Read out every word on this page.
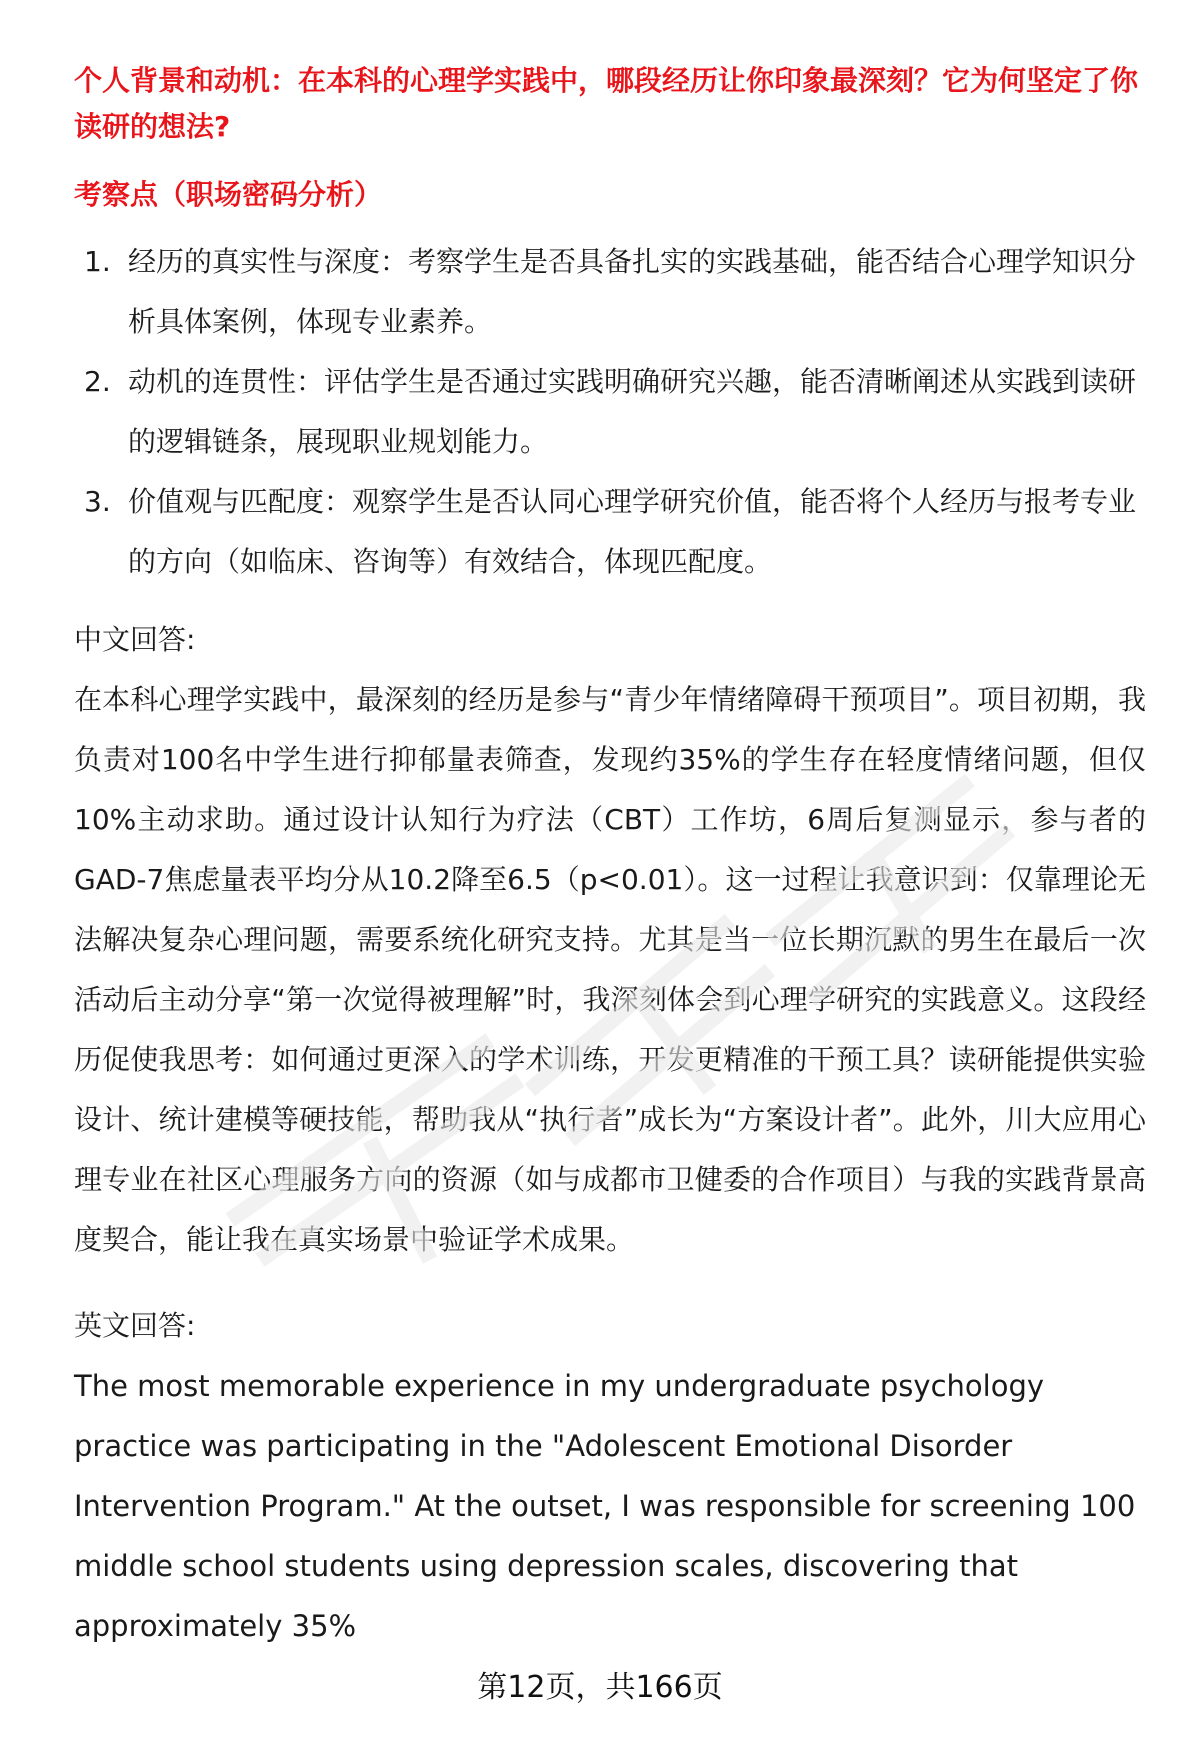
个人背景和动机：在本科的心理学实践中，哪段经历让你印象最深刻？它为何坚定了你读研的想法?

考察点（职场密码分析）
1. 经历的真实性与深度：考察学生是否具备扎实的实践基础，能否结合心理学知识分析具体案例，体现专业素养。
2. 动机的连贯性：评估学生是否通过实践明确研究兴趣，能否清晰阐述从实践到读研的逻辑链条，展现职业规划能力。
3. 价值观与匹配度：观察学生是否认同心理学研究价值，能否将个人经历与报考专业的方向（如临床、咨询等）有效结合，体现匹配度。
中文回答:

在本科心理学实践中，最深刻的经历是参与“青少年情绪障碍干预项目”。项目初期，我负责对100名中学生进行抑郁量表筛查，发现约35%的学生存在轻度情绪问题，但仅10%主动求助。通过设计认知行为疗法（CBT）工作坊，6周后复测显示，参与者的GAD-7焦虑量表平均分从10.2降至6.5（p<0.01）。这一过程让我意识到：仅靠理论无法解决复杂心理问题，需要系统化研究支持。尤其是当一位长期沉默的男生在最后一次活动后主动分享“第一次觉得被理解”时，我深刻体会到心理学研究的实践意义。这段经历促使我思考：如何通过更深入的学术训练，开发更精准的干预工具？读研能提供实验设计、统计建模等硬技能，帮助我从“执行者”成长为“方案设计者”。此外，川大应用心理专业在社区心理服务方向的资源（如与成都市卫健委的合作项目）与我的实践背景高度契合，能让我在真实场景中验证学术成果。

英文回答:

The most memorable experience in my undergraduate psychology practice was participating in the "Adolescent Emotional Disorder Intervention Program." At the outset, I was responsible for screening 100 middle school students using depression scales, discovering that approximately 35%

第12页，共166页
